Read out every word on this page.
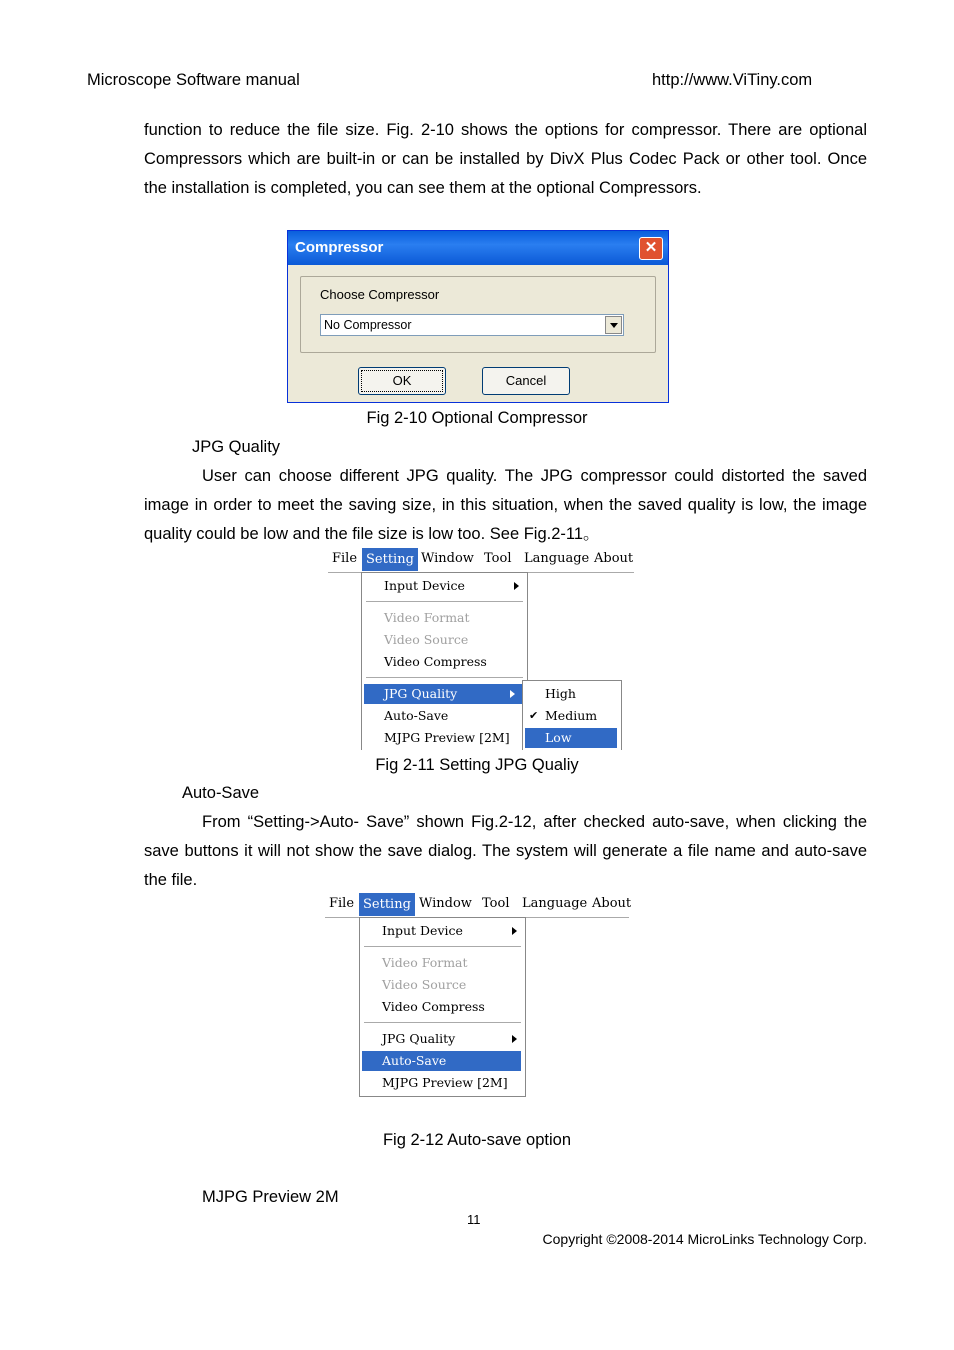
Microscope Software manual	http://www.ViTiny.com
function to reduce the file size. Fig. 2-10 shows the options for compressor. There are optional Compressors which are built-in or can be installed by DivX Plus Codec Pack or other tool. Once the installation is completed, you can see them at the optional Compressors.
Compressor	✕
Choose Compressor
No Compressor
OK	Cancel
Fig 2-10 Optional Compressor
JPG Quality
User can choose different JPG quality. The JPG compressor could distorted the saved image in order to meet the saving size, in this situation, when the saved quality is low, the image quality could be low and the file size is low too. See Fig.2-11。
File Setting Window Tool Language About
Input Device
Video Format
Video Source
Video Compress
JPG Quality
Auto-Save
MJPG Preview [2M]
High
✔ Medium
Low
Fig 2-11 Setting JPG Qualiy
Auto-Save
From “Setting->Auto- Save” shown Fig.2-12, after checked auto-save, when clicking the save buttons it will not show the save dialog. The system will generate a file name and auto-save the file.
File Setting Window Tool Language About
Input Device
Video Format
Video Source
Video Compress
JPG Quality
Auto-Save
MJPG Preview [2M]
Fig 2-12 Auto-save option
MJPG Preview 2M
11
Copyright ©2008-2014 MicroLinks Technology Corp.
